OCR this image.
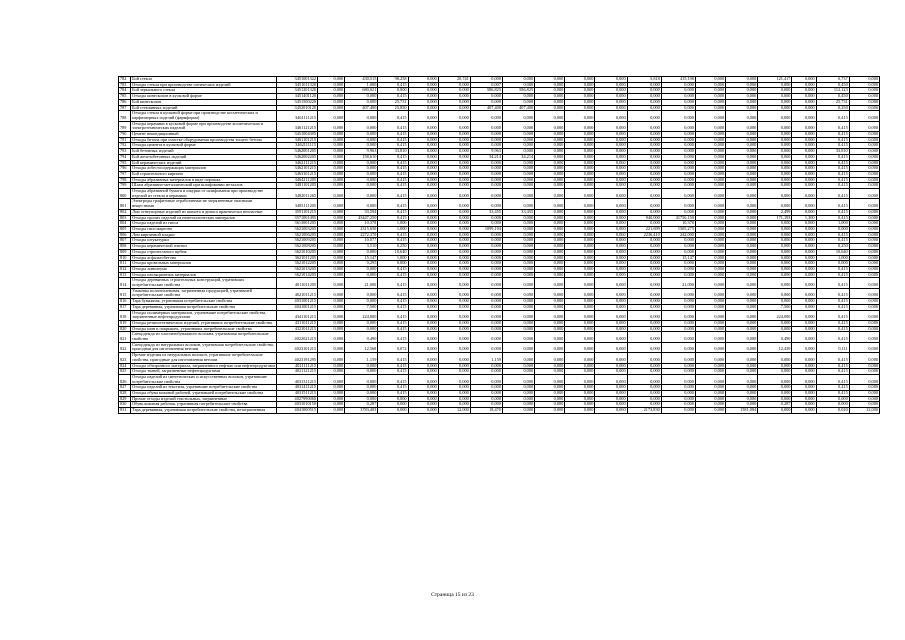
782	Бой стекла	3451001322	0,000	430,515	98,258	0,000	20,741	0,000	0,000	0,000	0,000	0,000	5,818	415,198	0,000	0,000	121,417	0,000	0,737	0,000
783	Отходы стекла при производстве оптических изделий	3451011320	0,000	1,000	0,415	0,000	0,000	0,007	0,000	0,000	0,000	0,000	0,000	0,000	0,000	0,000	0,000	0,000	0,450	0,000
784	Бой зеркального стекла	3451201320	0,000	680,021	0,000	0,000	0,000	586,825	586,825	0,000	0,000	0,000	0,000	0,000	0,000	0,000	0,000	0,000	112,123	0,000
785	Отходы кинескопов в кусковой форме	3451401120	0,000	0,000	0,415	0,000	0,000	0,000	0,000	0,000	0,000	0,000	0,000	0,000	0,000	0,000	0,000	0,000	0,450	0,000
786	Бой кинескопов	3451500220	0,000	0,000	25,731	0,000	0,000	0,000	0,000	0,000	0,000	0,000	0,000	0,000	0,000	0,000	0,000	0,000	25,731	0,000
787	Бой стеклянных изделий	3452010120	0,000	407,400	25,850	0,000	0,000	407,400	407,400	0,000	0,000	0,000	0,000	0,000	0,000	0,000	0,000	0,000	0,250	0,000
788	Отходы стекла в кусковой форме при производстве косметических и парфюмерных изделий (фармформа)	3461111215	0,000	0,000	0,415	0,000	0,000	0,000	0,000	0,000	0,000	0,000	0,000	0,000	0,000	0,000	0,000	0,000	0,415	0,000
789	Отходы керамики в кусковой форме при производстве косметических и электротехнических изделий	3461121215	0,000	0,000	0,415	0,000	0,000	0,000	0,000	0,000	0,000	0,000	0,000	0,000	0,000	0,000	0,000	0,000	0,415	0,000
790	Цемент некондиционный	3451004305	0,000	0,000	0,415	0,000	0,000	0,000	0,000	0,000	0,000	0,000	0,000	0,000	0,000	0,000	0,000	0,000	0,415	0,000
791	Отходы бетона при очистке оборудования производства тощего бетона	3461101215	0,000	0,000	0,415	0,000	0,000	0,000	0,000	0,000	0,000	0,000	0,000	0,000	0,000	0,000	0,000	0,000	0,415	0,000
792	Отходы цемента в кусковой форме	3462111115	0,000	0,000	0,415	0,000	0,000	0,000	0,000	0,000	0,000	0,000	0,000	0,000	0,000	0,000	0,000	0,000	0,415	0,000
793	Бой бетонных изделий	3462001205	0,000	9,963	33,810	0,000	0,000	9,963	0,000	0,000	0,000	0,000	0,000	0,000	0,000	0,000	0,000	0,000	33,810	0,000
794	Бой железобетонных изделий	3462002205	0,000	158,610	0,415	0,000	0,000	34,214	34,214	0,000	0,000	0,000	0,000	0,000	0,000	0,000	0,000	0,000	0,415	0,000
795	Бой керамических изделий	3462111215	0,000	0,000	0,415	0,000	0,000	0,000	0,000	0,000	0,000	0,000	0,000	0,000	0,000	0,000	0,000	0,000	0,415	0,000
796	Отходы асбестосодержащих материалов	3462101215	0,000	0,000	0,415	0,000	0,000	0,000	0,000	0,000	0,000	0,000	0,000	0,000	0,000	0,000	0,000	0,000	0,415	0,000
797	Бой строительного кирпича	3463101215	0,000	0,000	0,415	0,000	0,000	0,000	0,000	0,000	0,000	0,000	0,000	0,000	0,000	0,000	0,000	0,000	0,415	0,000
798	Отходы абразивных материалов в виде порошка	3464211205	0,000	0,000	0,415	0,000	0,000	0,000	0,000	0,000	0,000	0,000	0,000	0,000	0,000	0,000	0,000	0,000	0,415	0,000
799	Шлам абразивно-металлический при шлифовании металлов	3481101205	0,000	0,000	0,415	0,000	0,000	0,000	0,000	0,000	0,000	0,000	0,000	0,000	0,000	0,000	0,000	0,000	0,415	0,000
800	Отходы абразивной бумаги и шкурки от шлифования при производстве изделий из стекла и керамики	3482011265	0,000	0,000	0,415	0,000	0,000	0,000	0,000	0,000	0,000	0,000	0,000	0,000	0,000	0,000	0,000	0,000	0,415	0,000
801	Электроды графитовые отработанные не загрязненные опасными веществами	3485111205	0,000	0,000	0,415	0,000	0,000	0,000	0,000	0,000	0,000	0,000	0,000	0,000	0,000	0,000	0,000	0,000	0,415	0,000
802	Лом огнеупорных изделий из шамота и динаса практически неопасные	3591101215	0,000	33,594	0,415	0,000	0,000	33,455	33,455	0,000	0,000	0,000	0,000	0,000	0,000	0,000	2,499	0,000	0,415	0,000
803	Отходы прочих изделий из неметаллических минералов	3571001495	0,000	43447,250	0,415	0,000	0,000	0,000	0,000	0,000	0,000	0,000	940,000	41756,150	0,000	0,000	171,193	1,300	0,415	0,000
804	Отходы изделий из гипса	3613001205	0,000	10,378	1,000	0,000	0,000	0,000	0,000	0,000	0,000	0,000	0,000	10,378	0,000	0,000	0,000	0,000	1,000	0,000
805	Отходы гипсокартона	3621003205	0,000	2315,650	1,000	0,000	0,000	1099,194	0,000	0,000	0,000	0,000	221,699	1505,275	0,000	0,000	0,000	0,000	0,000	0,000
806	Лом кирпичной кладки	3621006205	0,000	2272,370	0,415	0,000	0,000	0,000	0,000	0,000	0,000	0,000	2236,410	242,000	0,000	0,000	0,000	0,000	0,415	0,000
807	Отходы штукатурки	3621009205	0,000	10,077	0,415	0,000	0,000	0,000	0,000	0,000	0,000	0,000	0,000	0,000	0,000	0,000	0,000	0,000	0,415	0,000
808	Отходы керамической плитки	3621008205	0,000	3,510	0,250	0,000	0,000	0,000	0,000	0,000	0,000	0,000	0,000	0,000	0,000	0,000	0,000	0,000	0,250	0,000
809	Отходы строительного щебня	3621010205	0,000	0,000	10,640	0,000	0,000	0,000	0,000	0,000	0,000	0,000	0,000	0,000	0,000	0,000	0,000	0,000	10,640	0,000
810	Отходы асфальтобетона	3621011205	0,000	15,147	1,000	0,000	0,000	0,000	0,000	0,000	0,000	0,000	0,000	15,147	0,000	0,000	0,000	0,000	1,000	0,000
811	Отходы кровельных материалов	3621012205	0,000	0,295	0,000	0,000	0,000	0,000	0,000	0,000	0,000	0,000	0,000	0,000	0,000	0,000	0,000	0,000	0,000	0,000
812	Отходы линолеума	3621013205	0,000	0,000	0,415	0,000	0,000	0,000	0,000	0,000	0,000	0,000	0,000	0,000	0,000	0,000	0,000	0,000	0,415	0,000
813	Отходы изоляционных материалов	3621014205	0,000	0,000	0,415	0,000	0,000	0,000	0,000	0,000	0,000	0,000	0,000	0,000	0,000	0,000	0,000	0,000	0,415	0,000
814	Отходы деревянных строительных конструкций, утративших потребительские свойства	4011011205	0,000	21,000	0,415	0,000	0,000	0,000	0,000	0,000	0,000	0,000	0,000	21,000	0,000	0,000	0,000	0,000	0,415	0,000
815	Упаковка полиэтиленовая, загрязненная продукцией, утратившей потребительские свойства	4021011215	0,000	0,000	0,415	0,000	0,000	0,000	0,000	0,000	0,000	0,000	0,000	0,000	0,000	0,000	0,000	0,000	0,415	0,000
816	Тара бумажная, утратившая потребительские свойства	4031001215	0,000	0,000	0,415	0,000	0,000	0,000	0,000	0,000	0,000	0,000	0,000	0,000	0,000	0,000	0,000	0,000	0,415	0,000
817	Тара деревянная, утратившая потребительские свойства	4041001215	0,000	7,500	0,415	0,000	0,000	0,000	0,000	0,000	0,000	0,000	0,000	0,000	0,000	0,000	7,500	0,000	0,415	0,000
818	Отходы полимерных материалов, утратившие потребительские свойства, загрязненные нефтепродуктами	4341101215	0,000	224,000	0,415	0,000	0,000	0,000	0,000	0,000	0,000	0,000	0,000	0,000	0,000	0,000	224,000	0,000	0,415	0,000
819	Отходы резинотехнических изделий, утративших потребительские свойства	4311011215	0,000	0,000	0,415	0,000	0,000	0,000	0,000	0,000	0,000	0,000	0,000	0,000	0,000	0,000	0,000	0,000	0,415	0,000
820	Отходы шин и покрышек, утративших потребительские свойства	4321011215	0,000	0,000	0,415	0,000	0,000	0,000	0,000	0,000	0,000	0,000	0,000	0,000	0,000	0,000	0,000	0,000	0,415	0,000
821	Спецодежда из хлопчатобумажного волокна, утратившая потребительские свойства	4022021215	0,000	0,490	0,415	0,000	0,000	0,000	0,000	0,000	0,000	0,000	0,000	0,000	0,000	0,000	0,490	0,000	0,415	0,000
822	Спецодежда из натуральных волокон, утратившая потребительские свойства, пригодная для изготовления ветоши	4023101215	0,000	12,568	0,072	0,000	0,000	0,000	0,000	0,000	0,000	0,000	0,000	0,000	0,000	0,000	12,439	0,000	0,111	0,000
823	Прочие изделия из натуральных волокон, утратившие потребительские свойства, пригодные для изготовления ветоши	4023191295	0,000	1,159	0,415	0,000	0,000	1,159	0,000	0,000	0,000	0,000	0,000	0,000	0,000	0,000	0,000	0,000	0,415	0,000
824	Отходы обтирочного материала, загрязненного нефтью или нефтепродуктами	4021111215	0,000	0,000	0,415	0,000	0,000	0,000	0,000	0,000	0,000	0,000	0,000	0,000	0,000	0,000	0,000	0,000	0,415	0,000
825	Отходы тканей, загрязненные нефтепродуктами	4021121215	0,000	0,000	0,415	0,000	0,000	0,000	0,000	0,000	0,000	0,000	0,000	0,000	0,000	0,000	0,000	0,000	0,415	0,000
826	Отходы изделий из синтетических и искусственных волокон, утратившие потребительские свойства	4031311215	0,000	0,000	0,415	0,000	0,000	0,000	0,000	0,000	0,000	0,000	0,000	0,000	0,000	0,000	0,000	0,000	0,415	0,000
827	Отходы изделий из текстиля, утратившие потребительские свойства	4031411215	0,000	0,000	0,415	0,000	0,000	0,000	0,000	0,000	0,000	0,000	0,000	0,000	0,000	0,000	0,000	0,000	0,415	0,000
828	Отходы обуви кожаной рабочей, утратившей потребительские свойства	4031511215	0,000	0,000	0,415	0,000	0,000	0,000	0,000	0,000	0,000	0,000	0,000	0,000	0,000	0,000	0,000	0,000	0,415	0,000
829	Прочие отходы изделий текстильных, загрязненные	4027990060	0,000	0,000	0,000	0,000	0,000	0,000	0,000	0,000	0,000	0,000	0,000	0,000	0,000	0,000	0,000	0,000	0,000	0,000
830	Обувь кожаная рабочая, утратившая потребительские свойства	4031010150	0,000	0,287	0,000	0,000	0,000	0,000	0,000	0,000	0,000	0,000	0,000	0,000	0,000	0,000	0,287	0,000	0,000	0,000
831	Тара деревянная, утратившая потребительские свойства, незагрязненная	4041000515	0,000	3783,403	0,000	0,000	12,000	18,470	0,000	0,000	0,000	0,000	2173,830	0,000	0,000	1581,084	0,000	0,000	0,020	12,000
Страница 15 из 23
